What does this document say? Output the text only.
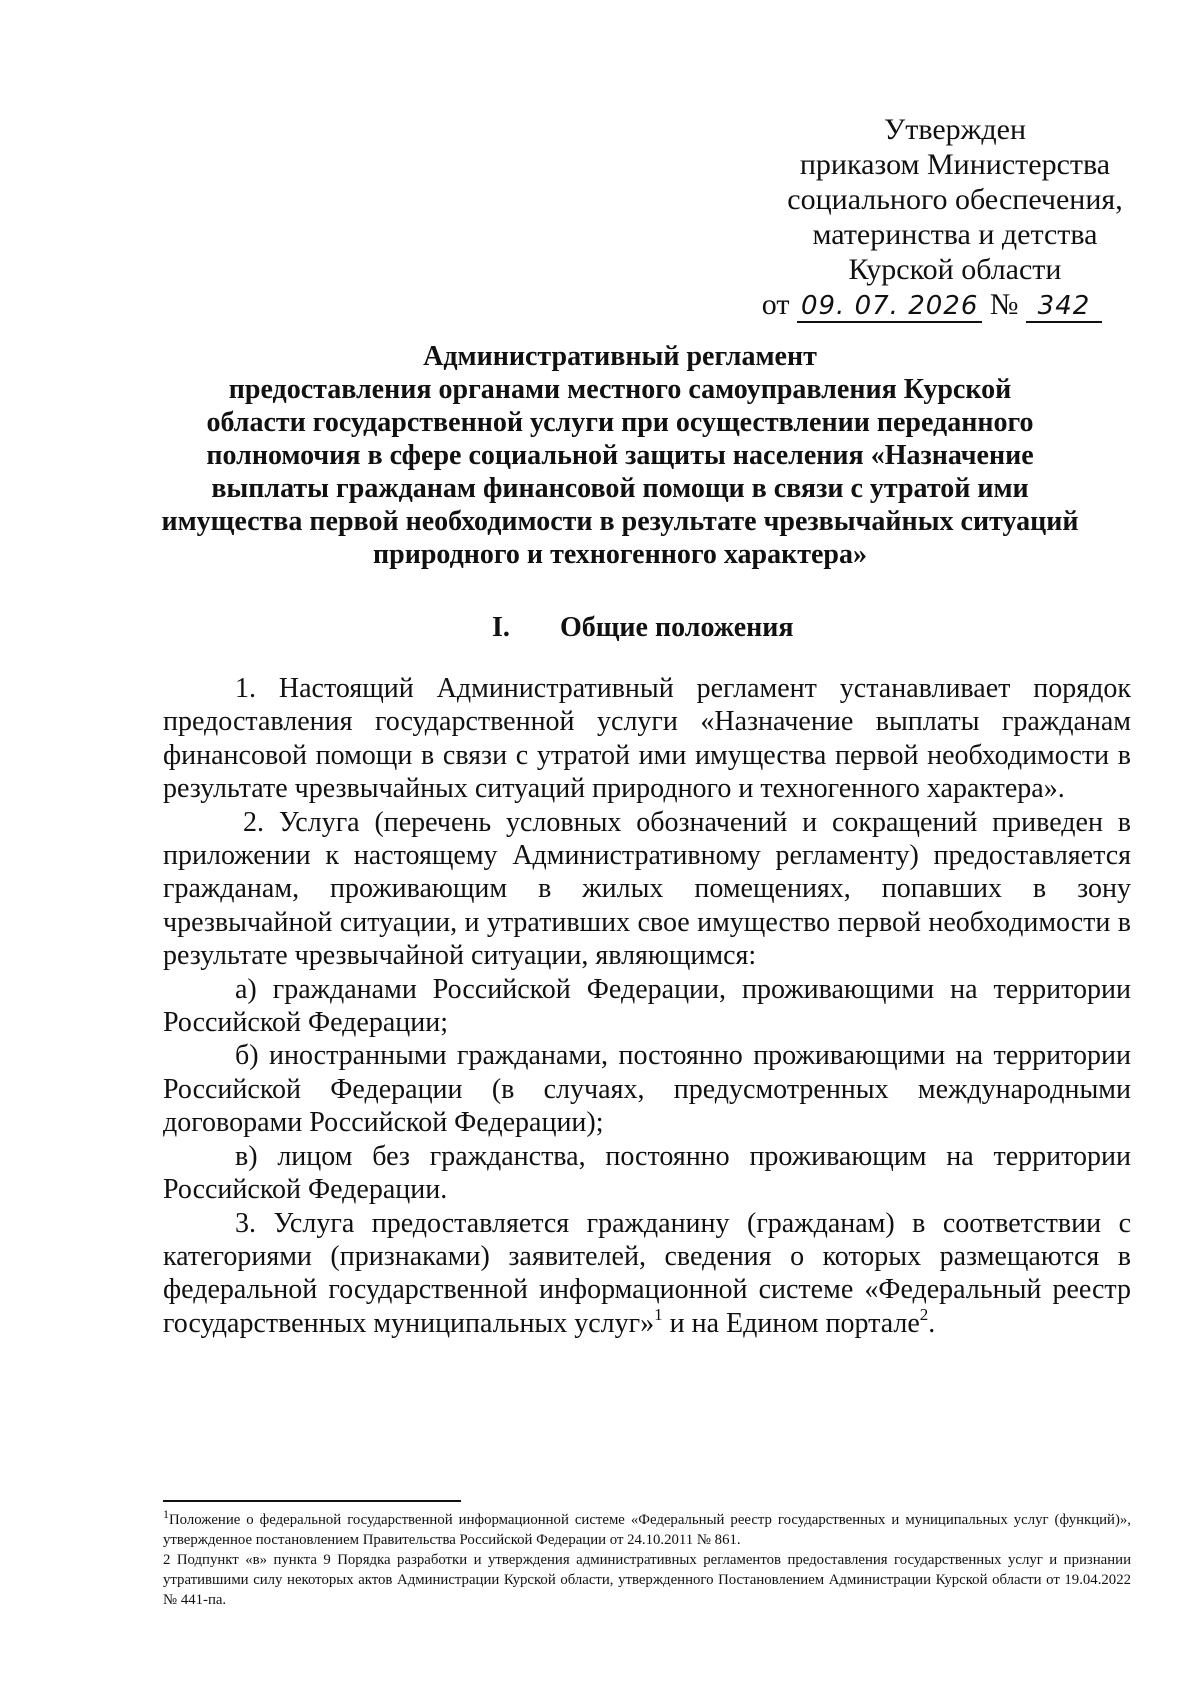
Утвержден
приказом Министерства
социального обеспечения,
материнства и детства
Курской области
от 09. 07. 2026 № 342
Административный регламент
предоставления органами местного самоуправления Курской
области государственной услуги при осуществлении переданного
полномочия в сфере социальной защиты населения «Назначение
выплаты гражданам финансовой помощи в связи с утратой ими
имущества первой необходимости в результате чрезвычайных ситуаций
природного и техногенного характера»
I. Общие положения

1. Настоящий Административный регламент устанавливает порядок предоставления государственной услуги «Назначение выплаты гражданам финансовой помощи в связи с утратой ими имущества первой необходимости в результате чрезвычайных ситуаций природного и техногенного характера».

2. Услуга (перечень условных обозначений и сокращений приведен в приложении к настоящему Административному регламенту) предоставляется гражданам, проживающим в жилых помещениях, попавших в зону чрезвычайной ситуации, и утративших свое имущество первой необходимости в результате чрезвычайной ситуации, являющимся:

а) гражданами Российской Федерации, проживающими на территории Российской Федерации;

б) иностранными гражданами, постоянно проживающими на территории Российской Федерации (в случаях, предусмотренных международными договорами Российской Федерации);

в) лицом без гражданства, постоянно проживающим на территории Российской Федерации.

3. Услуга предоставляется гражданину (гражданам) в соответствии с категориями (признаками) заявителей, сведения о которых размещаются в федеральной государственной информационной системе «Федеральный реестр государственных муниципальных услуг»$^1$ и на Едином портале$^2$.

$^1$Положение о федеральной государственной информационной системе «Федеральный реестр государственных и муниципальных услуг (функций)», утвержденное постановлением Правительства Российской Федерации от 24.10.2011 № 861.

2 Подпункт «в» пункта 9 Порядка разработки и утверждения административных регламентов предоставления государственных услуг и признании утратившими силу некоторых актов Администрации Курской области, утвержденного Постановлением Администрации Курской области от 19.04.2022 № 441-па.
